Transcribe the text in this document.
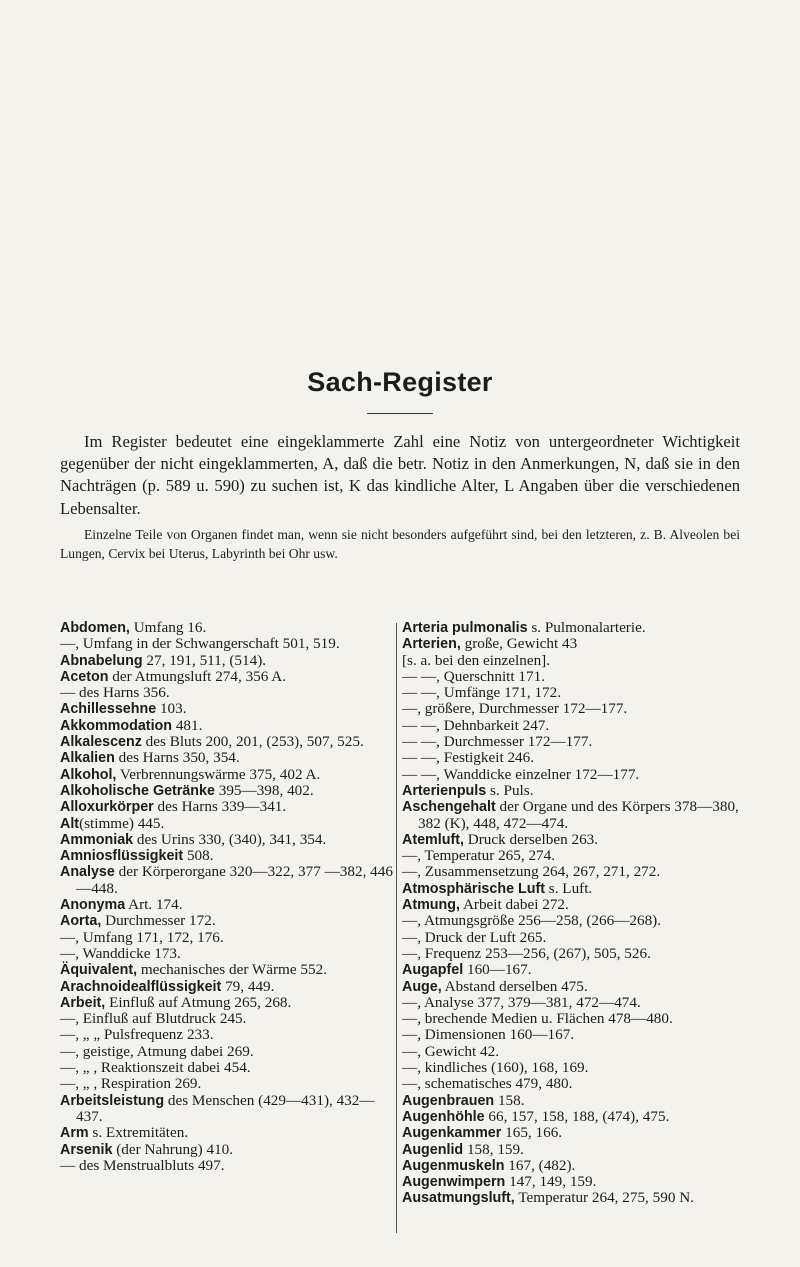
Sach-Register

Im Register bedeutet eine eingeklammerte Zahl eine Notiz von untergeordneter Wichtigkeit gegenüber der nicht eingeklammerten, A, daß die betr. Notiz in den Anmerkungen, N, daß sie in den Nachträgen (p. 589 u. 590) zu suchen ist, K das kindliche Alter, L Angaben über die verschiedenen Lebensalter.

Einzelne Teile von Organen findet man, wenn sie nicht besonders aufgeführt sind, bei den letzteren, z. B. Alveolen bei Lungen, Cervix bei Uterus, Labyrinth bei Ohr usw.

Abdomen, Umfang 16.

—, Umfang in der Schwangerschaft 501, 519.

Abnabelung 27, 191, 511, (514).

Aceton der Atmungsluft 274, 356 A.

— des Harns 356.

Achillessehne 103.

Akkommodation 481.

Alkalescenz des Bluts 200, 201, (253), 507, 525.

Alkalien des Harns 350, 354.

Alkohol, Verbrennungswärme 375, 402 A.

Alkoholische Getränke 395—398, 402.

Alloxurkörper des Harns 339—341.

Alt(stimme) 445.

Ammoniak des Urins 330, (340), 341, 354.

Amniosflüssigkeit 508.

Analyse der Körperorgane 320—322, 377 —382, 446—448.

Anonyma Art. 174.

Aorta, Durchmesser 172.

—, Umfang 171, 172, 176.

—, Wanddicke 173.

Äquivalent, mechanisches der Wärme 552.

Arachnoidealflüssigkeit 79, 449.

Arbeit, Einfluß auf Atmung 265, 268.

—, Einfluß auf Blutdruck 245.

—, „ „ Pulsfrequenz 233.

—, geistige, Atmung dabei 269.

—, „ , Reaktionszeit dabei 454.

—, „ , Respiration 269.

Arbeitsleistung des Menschen (429—431), 432—437.

Arm s. Extremitäten.

Arsenik (der Nahrung) 410.

— des Menstrualbluts 497.

Arteria pulmonalis s. Pulmonalarterie.

Arterien, große, Gewicht 43

[s. a. bei den einzelnen].

— —, Querschnitt 171.

— —, Umfänge 171, 172.

—, größere, Durchmesser 172—177.

— —, Dehnbarkeit 247.

— —, Durchmesser 172—177.

— —, Festigkeit 246.

— —, Wanddicke einzelner 172—177.

Arterienpuls s. Puls.

Aschengehalt der Organe und des Körpers 378—380, 382 (K), 448, 472—474.

Atemluft, Druck derselben 263.

—, Temperatur 265, 274.

—, Zusammensetzung 264, 267, 271, 272.

Atmosphärische Luft s. Luft.

Atmung, Arbeit dabei 272.

—, Atmungsgröße 256—258, (266—268).

—, Druck der Luft 265.

—, Frequenz 253—256, (267), 505, 526.

Augapfel 160—167.

Auge, Abstand derselben 475.

—, Analyse 377, 379—381, 472—474.

—, brechende Medien u. Flächen 478—480.

—, Dimensionen 160—167.

—, Gewicht 42.

—, kindliches (160), 168, 169.

—, schematisches 479, 480.

Augenbrauen 158.

Augenhöhle 66, 157, 158, 188, (474), 475.

Augenkammer 165, 166.

Augenlid 158, 159.

Augenmuskeln 167, (482).

Augenwimpern 147, 149, 159.

Ausatmungsluft, Temperatur 264, 275, 590 N.
